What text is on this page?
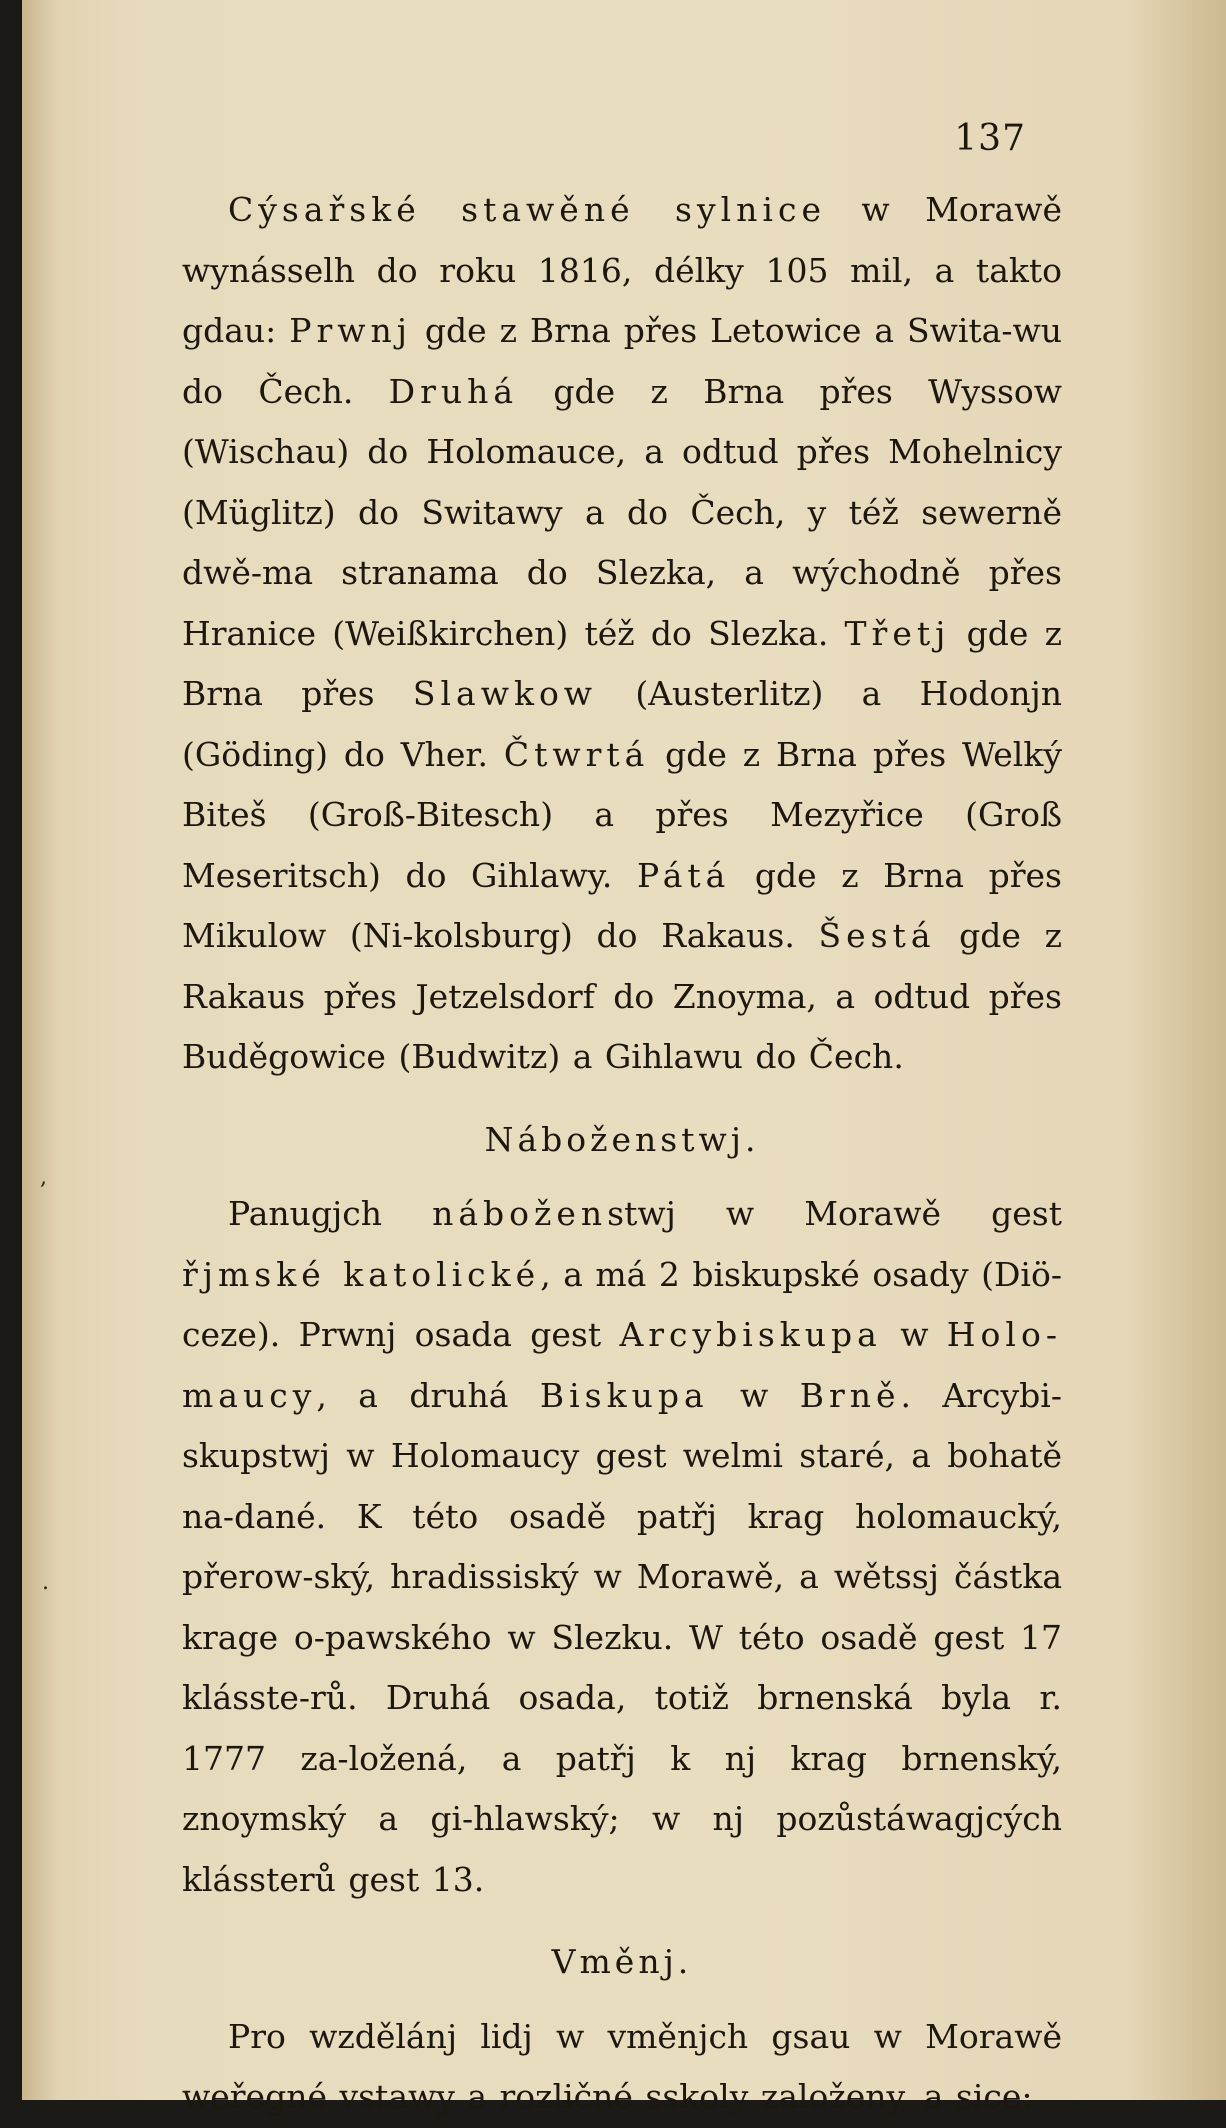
137

Cýsařské stawěné sylnice w Morawě wynásselh do roku 1816, délky 105 mil, a takto gdau: Prwnj gde z Brna přes Letowice a Swita-wu do Čech. Druhá gde z Brna přes Wyssow (Wischau) do Holomauce, a odtud přes Mohelnicy (Müglitz) do Switawy a do Čech, y též sewerně dwě-ma stranama do Slezka, a wýchodně přes Hranice (Weißkirchen) též do Slezka. Třetj gde z Brna přes Slawkow (Austerlitz) a Hodonjn (Göding) do Vher. Čtwrtá gde z Brna přes Welký Biteš (Groß-Bitesch) a přes Mezyřice (Groß Meseritsch) do Gihlawy. Pátá gde z Brna přes Mikulow (Ni-kolsburg) do Rakaus. Šestá gde z Rakaus přes Jetzelsdorf do Znoyma, a odtud přes Buděgowice (Budwitz) a Gihlawu do Čech.

Náboženstwj.

Panugjch náboženstwj w Morawě gest řjmské katolické, a má 2 biskupské osady (Diö-ceze). Prwnj osada gest Arcybiskupa w Holo-maucy, a druhá Biskupa w Brně. Arcybi-skupstwj w Holomaucy gest welmi staré, a bohatě na-dané. K této osadě patřj krag holomaucký, přerow-ský, hradissiský w Morawě, a wětssj částka krage o-pawského w Slezku. W této osadě gest 17 klásste-rů. Druhá osada, totiž brnenská byla r. 1777 za-ložená, a patřj k nj krag brnenský, znoymský a gi-hlawský; w nj pozůstáwagjcých klássterů gest 13.

Vměnj.

Pro wzdělánj lidj w vměnjch gsau w Morawě weřegné vstawy a rozličné sskoly založeny, a sice:

,
.
